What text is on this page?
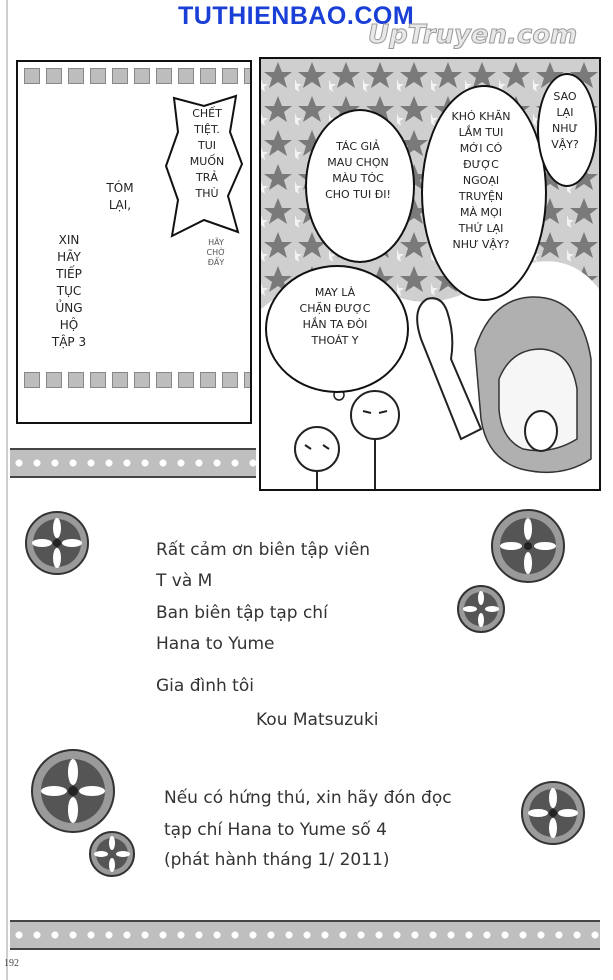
TUTHIENBAO.COM
UpTruyen.com
CHẾT
TIỆT.
TUI
MUỐN
TRẢ
THÙ
HÃY
CHỜ
ĐẤY
TÓM
LẠI,
XIN
HÃY
TIẾP
TỤC
ỦNG
HỘ
TẬP 3
TÁC GIẢ
MAU CHỌN
MÀU TÓC
CHO TUI ĐI!
KHÓ KHĂN
LẮM TUI
MỚI CÓ
ĐƯỢC
NGOẠI
TRUYỆN
MÀ MỌI
THỨ LẠI
NHƯ VẬY?
SAO
LẠI
NHƯ
VẬY?
MAY LÀ
CHẶN ĐƯỢC
HẮN TA ĐÒI
THOÁT Y
Rất cảm ơn biên tập viên
T và M
Ban biên tập tạp chí
Hana to Yume
Gia đình tôi
Kou Matsuzuki
Nếu có hứng thú, xin hãy đón đọc
tạp chí Hana to Yume số 4
(phát hành tháng 1/ 2011)
192
